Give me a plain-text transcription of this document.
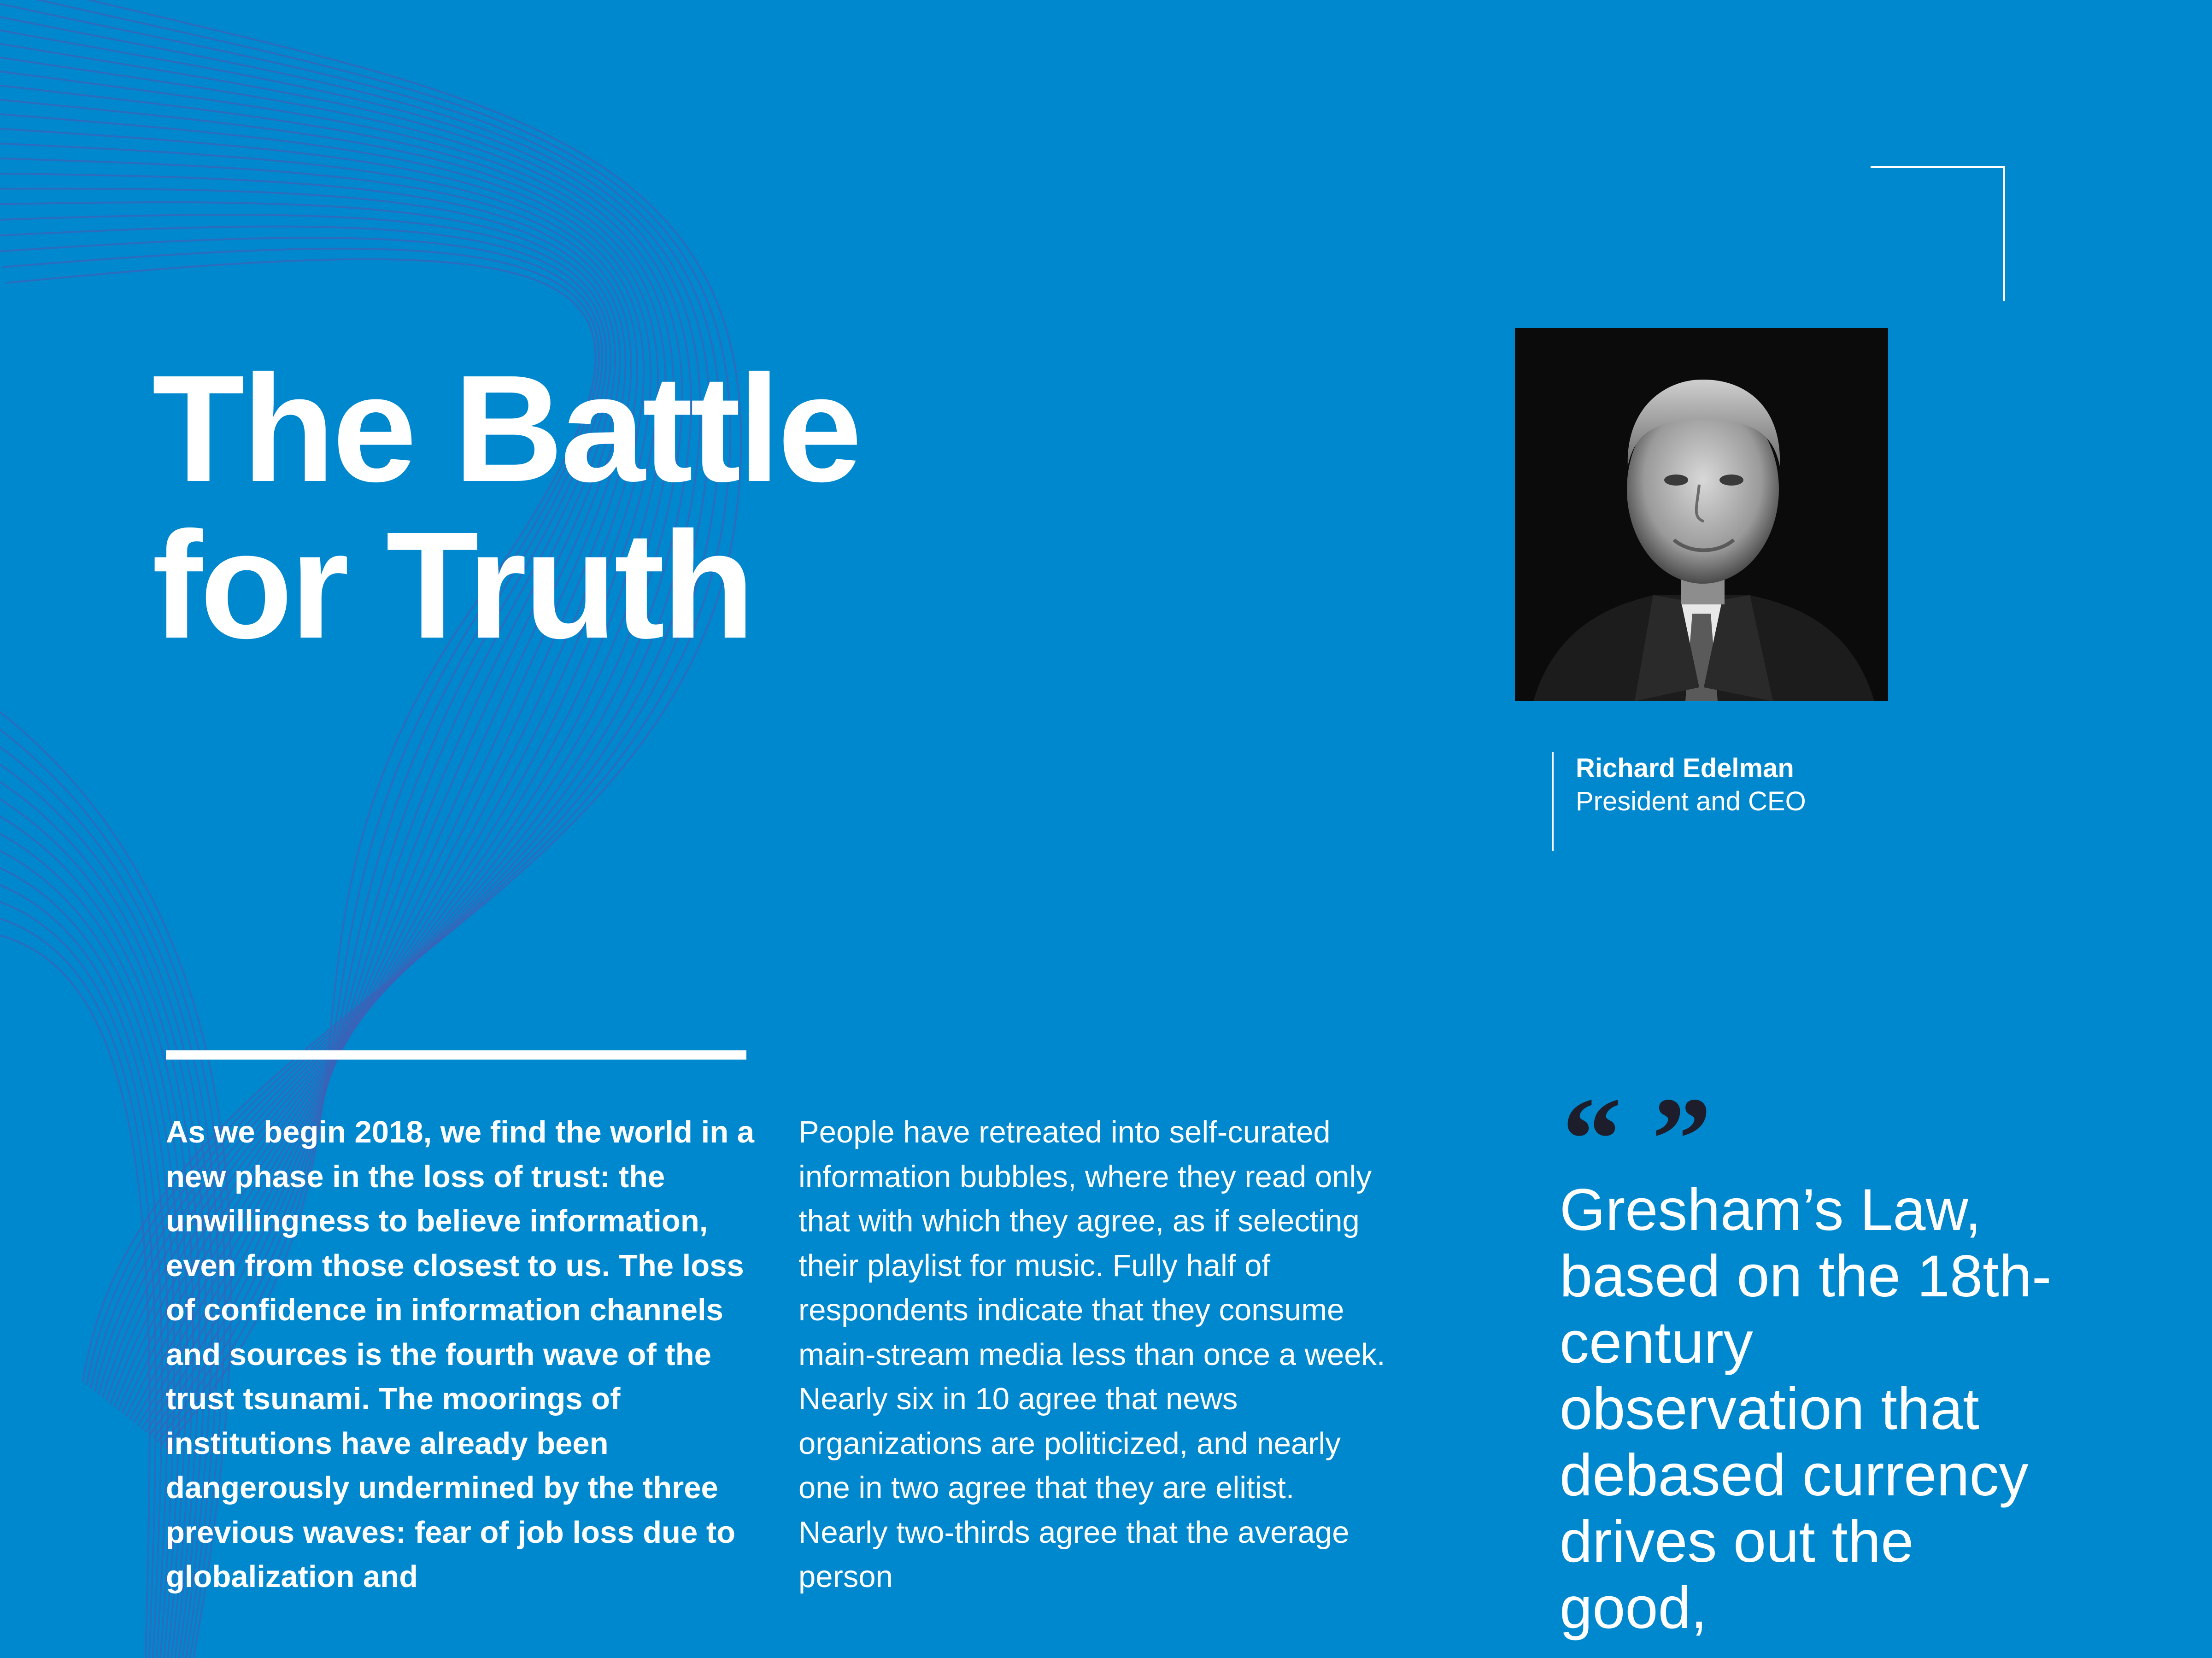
The Battle
for Truth
Richard Edelman
President and CEO

As we begin 2018, we find the world in a new phase in the loss of trust: the unwillingness to believe information, even from those closest to us. The loss of confidence in information channels and sources is the fourth wave of the trust tsunami. The moorings of institutions have already been dangerously undermined by the three previous waves: fear of job loss due to globalization and

People have retreated into self-curated information bubbles, where they read only that with which they agree, as if selecting their playlist for music. Fully half of respondents indicate that they consume main-stream media less than once a week. Nearly six in 10 agree that news organizations are politicized, and nearly one in two agree that they are elitist. Nearly two-thirds agree that the average person

“ ”

Gresham’s Law, based on the 18th-century observation that debased currency drives out the good,
